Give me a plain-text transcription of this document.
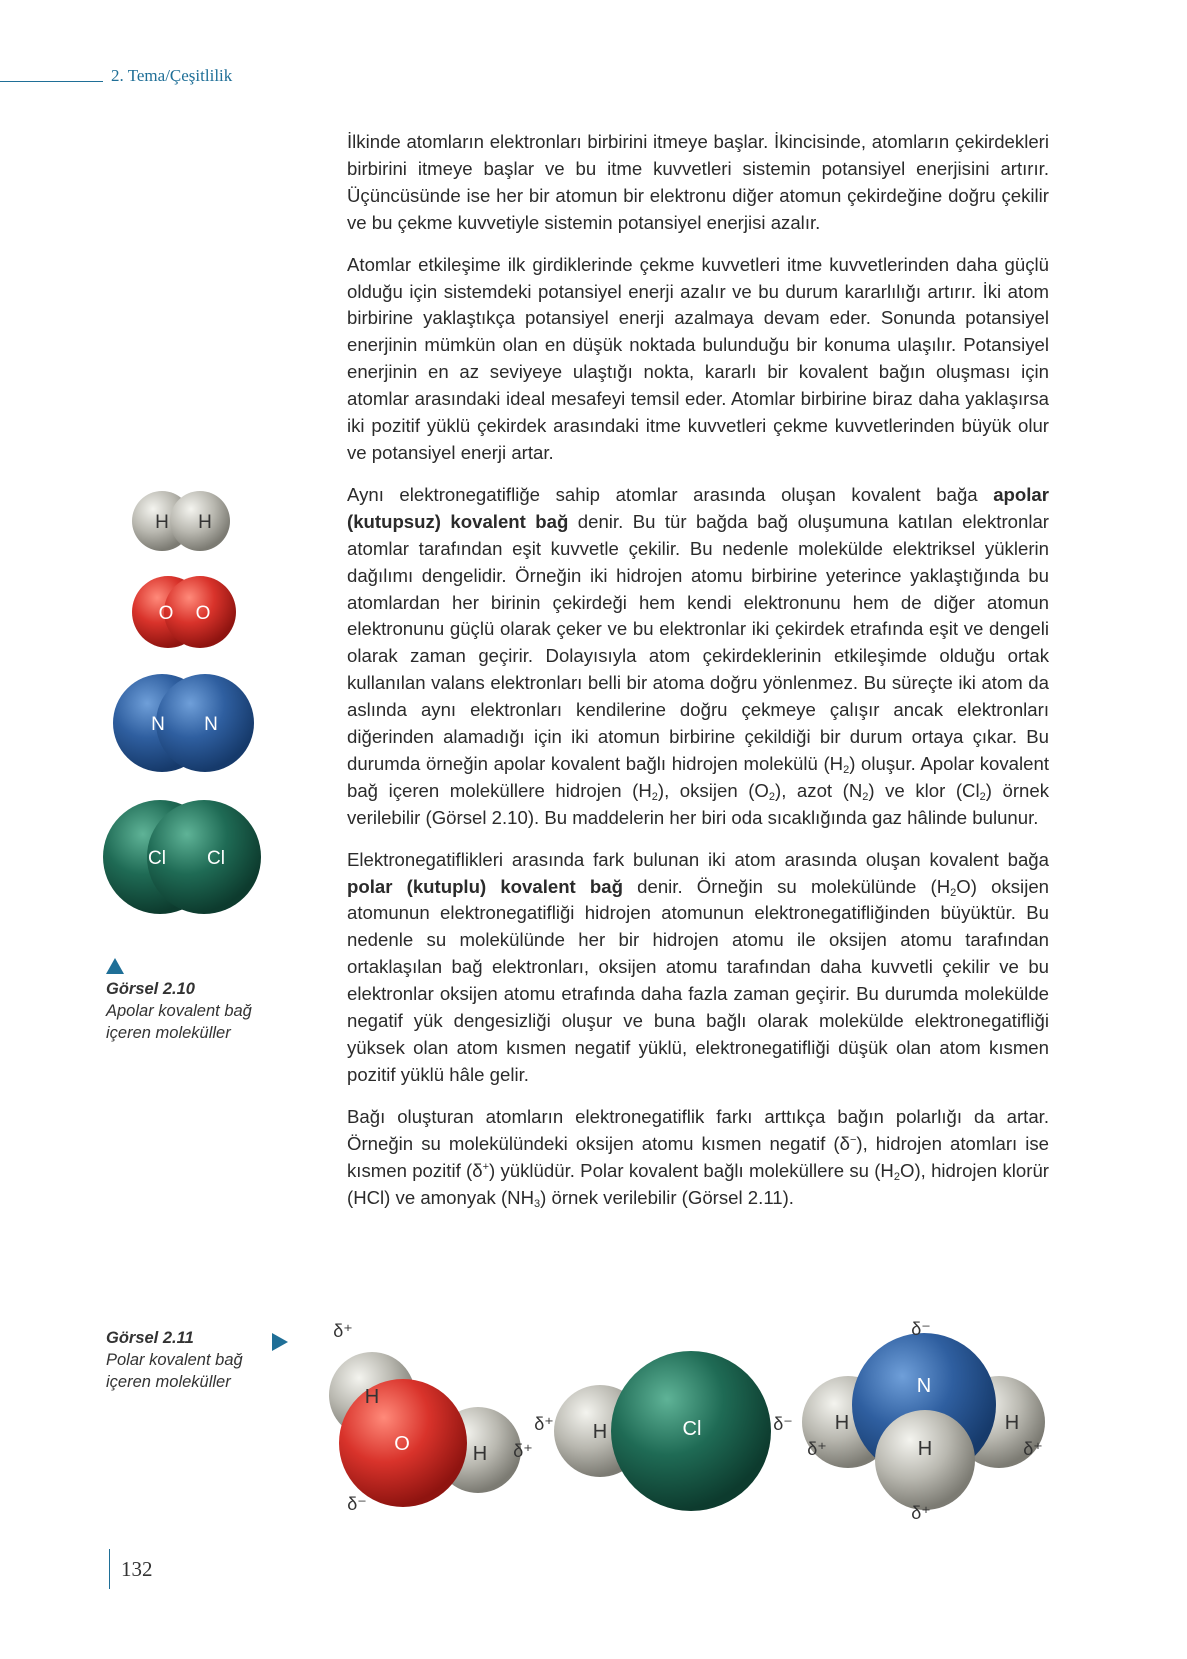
2. Tema/Çeşitlilik

İlkinde atomların elektronları birbirini itmeye başlar. İkincisinde, atomların çekirdekleri birbirini itmeye başlar ve bu itme kuvvetleri sistemin potansiyel enerjisini artırır. Üçüncüsünde ise her bir atomun bir elektronu diğer atomun çekirdeğine doğru çekilir ve bu çekme kuvvetiyle sistemin potansiyel enerjisi azalır.

Atomlar etkileşime ilk girdiklerinde çekme kuvvetleri itme kuvvetlerinden daha güçlü olduğu için sistemdeki potansiyel enerji azalır ve bu durum kararlılığı artırır. İki atom birbirine yaklaştıkça potansiyel enerji azalmaya devam eder. Sonunda potansiyel enerjinin mümkün olan en düşük noktada bulunduğu bir konuma ulaşılır. Potansiyel enerjinin en az seviyeye ulaştığı nokta, kararlı bir kovalent bağın oluşması için atomlar arasındaki ideal mesafeyi temsil eder. Atomlar birbirine biraz daha yaklaşırsa iki pozitif yüklü çekirdek arasındaki itme kuvvetleri çekme kuvvetlerinden büyük olur ve potansiyel enerji artar.

Aynı elektronegatifliğe sahip atomlar arasında oluşan kovalent bağa apolar (kutupsuz) kovalent bağ denir. Bu tür bağda bağ oluşumuna katılan elektronlar atomlar tarafından eşit kuvvetle çekilir. Bu nedenle molekülde elektriksel yüklerin dağılımı dengelidir. Örneğin iki hidrojen atomu birbirine yeterince yaklaştığında bu atomlardan her birinin çekirdeği hem kendi elektronunu hem de diğer atomun elektronunu güçlü olarak çeker ve bu elektronlar iki çekirdek etrafında eşit ve dengeli olarak zaman geçirir. Dolayısıyla atom çekirdeklerinin etkileşimde olduğu ortak kullanılan valans elektronları belli bir atoma doğru yönlenmez. Bu süreçte iki atom da aslında aynı elektronları kendilerine doğru çekmeye çalışır ancak elektronları diğerinden alamadığı için iki atomun birbirine çekildiği bir durum ortaya çıkar. Bu durumda örneğin apolar kovalent bağlı hidrojen molekülü $(H_2)$ oluşur. Apolar kovalent bağ içeren moleküllere hidrojen $(H_2)$, oksijen $(O_2)$, azot $(N_2)$ ve klor $(Cl_2)$ örnek verilebilir (Görsel 2.10). Bu maddelerin her biri oda sıcaklığında gaz hâlinde bulunur.

Elektronegatiflikleri arasında fark bulunan iki atom arasında oluşan kovalent bağa polar (kutuplu) kovalent bağ denir. Örneğin su molekülünde $(H_2O)$ oksijen atomunun elektronegatifliği hidrojen atomunun elektronegatifliğinden büyüktür. Bu nedenle su molekülünde her bir hidrojen atomu ile oksijen atomu tarafından ortaklaşılan bağ elektronları, oksijen atomu tarafından daha kuvvetli çekilir ve bu elektronlar oksijen atomu etrafında daha fazla zaman geçirir. Bu durumda molekülde negatif yük dengesizliği oluşur ve buna bağlı olarak molekülde elektronegatifliği yüksek olan atom kısmen negatif yüklü, elektronegatifliği düşük olan atom kısmen pozitif yüklü hâle gelir.

Bağı oluşturan atomların elektronegatiflik farkı arttıkça bağın polarlığı da artar. Örneğin su molekülündeki oksijen atomu kısmen negatif (δ−), hidrojen atomları ise kısmen pozitif (δ+) yüklüdür. Polar kovalent bağlı moleküllere su $(H_2O)$, hidrojen klorür (HCl) ve amonyak $(NH_3)$ örnek verilebilir (Görsel 2.11).

H H
O O
N N
Cl Cl
Görsel 2.10
Apolar kovalent bağ
içeren moleküller
Görsel 2.11
Polar kovalent bağ
içeren moleküller
H
O	H
δ⁺
δ⁺
δ⁻
H	Cl
δ⁺	δ⁻
N
H	H
H
δ⁻
δ⁺	δ⁺
δ⁺
132
